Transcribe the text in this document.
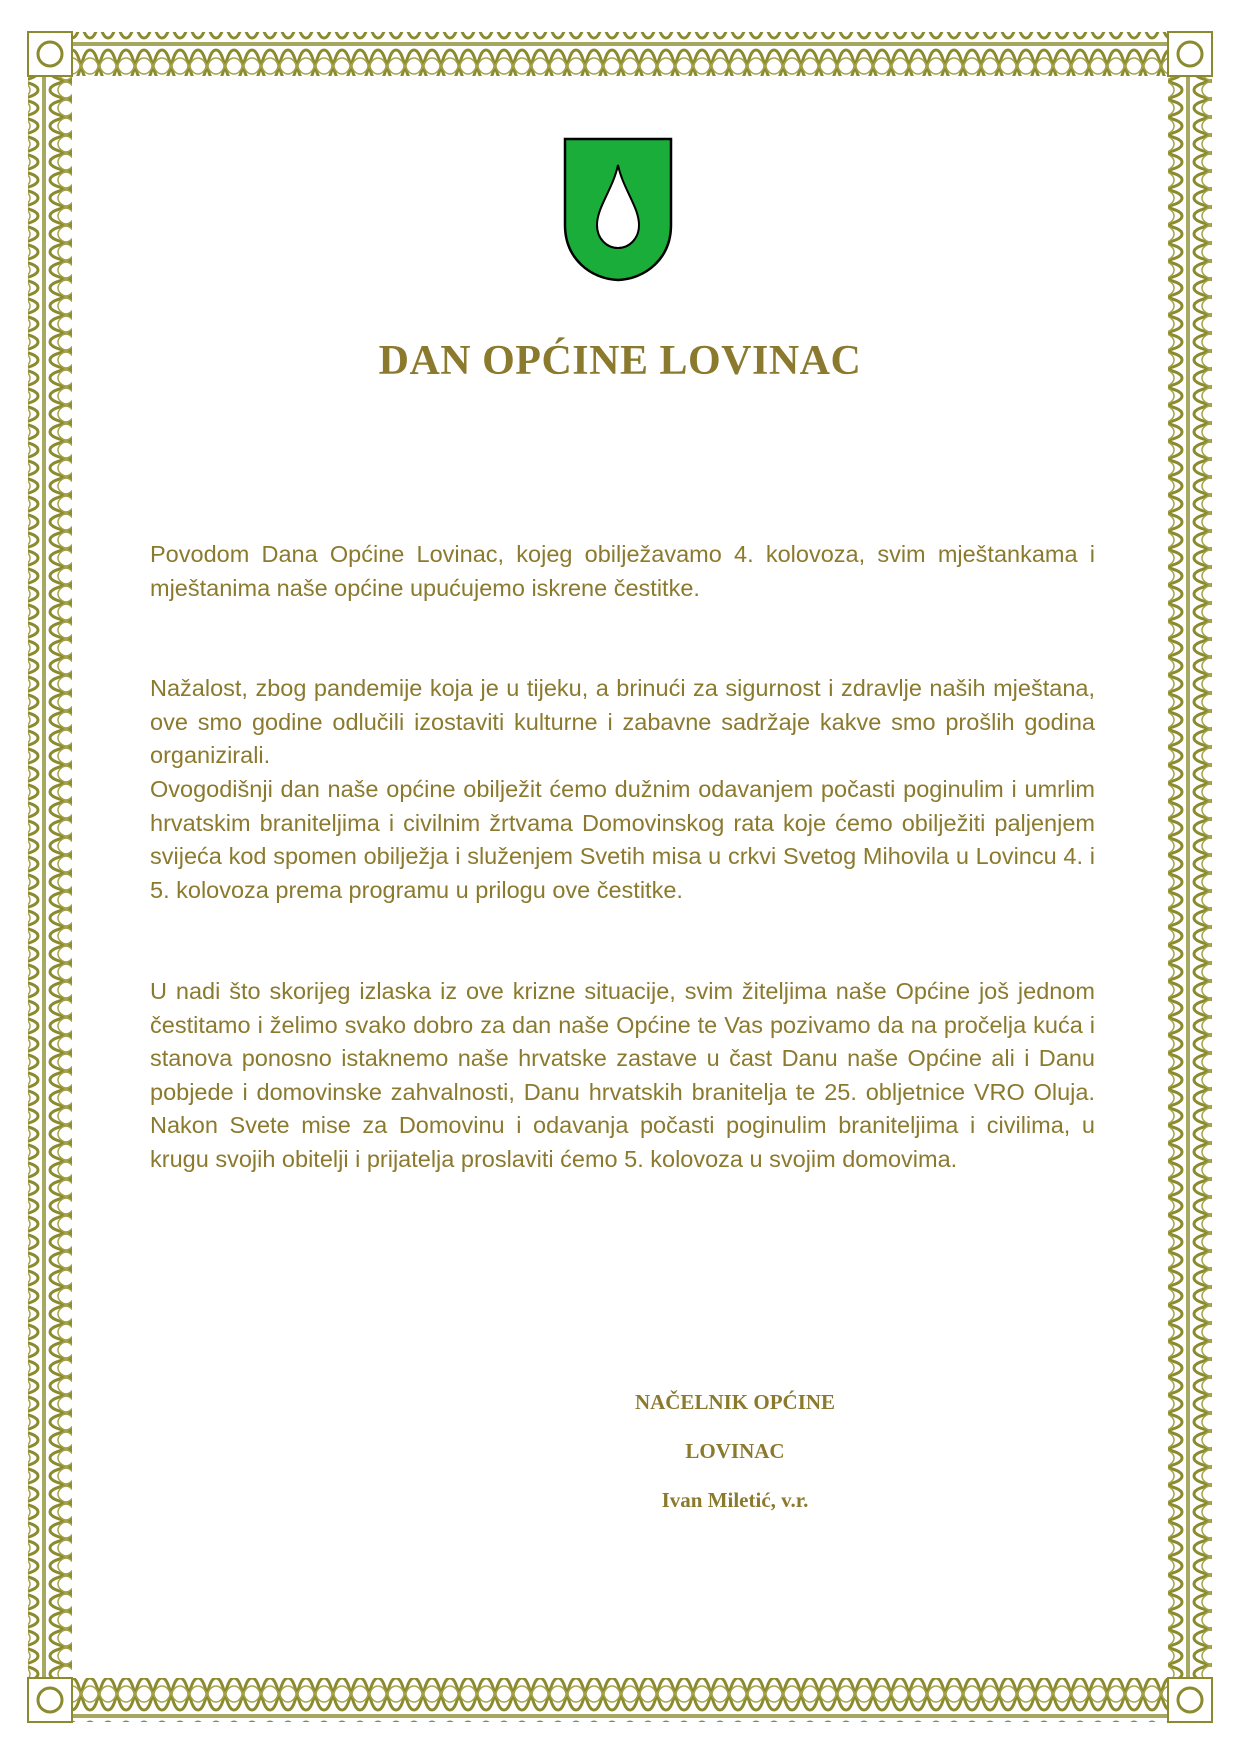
DAN OPĆINE LOVINAC

Povodom Dana Općine Lovinac, kojeg obilježavamo 4. kolovoza, svim mještankama i mještanima naše općine upućujemo iskrene čestitke.

Nažalost, zbog pandemije koja je u tijeku, a brinući za sigurnost i zdravlje naših mještana, ove smo godine odlučili izostaviti kulturne i zabavne sadržaje kakve smo prošlih godina organizirali.

Ovogodišnji dan naše općine obilježit ćemo dužnim odavanjem počasti poginulim i umrlim hrvatskim braniteljima i civilnim žrtvama Domovinskog rata koje ćemo obilježiti paljenjem svijeća kod spomen obilježja i služenjem Svetih misa u crkvi Svetog Mihovila u Lovincu 4. i 5. kolovoza prema programu u prilogu ove čestitke.

U nadi što skorijeg izlaska iz ove krizne situacije, svim žiteljima naše Općine još jednom čestitamo i želimo svako dobro za dan naše Općine te Vas pozivamo da na pročelja kuća i stanova ponosno istaknemo naše hrvatske zastave u čast Danu naše Općine ali i Danu pobjede i domovinske zahvalnosti, Danu hrvatskih branitelja te 25. obljetnice VRO Oluja. Nakon Svete mise za Domovinu i odavanja počasti poginulim braniteljima i civilima, u krugu svojih obitelji i prijatelja proslaviti ćemo 5. kolovoza u svojim domovima.

NAČELNIK OPĆINE
LOVINAC
Ivan Miletić, v.r.
